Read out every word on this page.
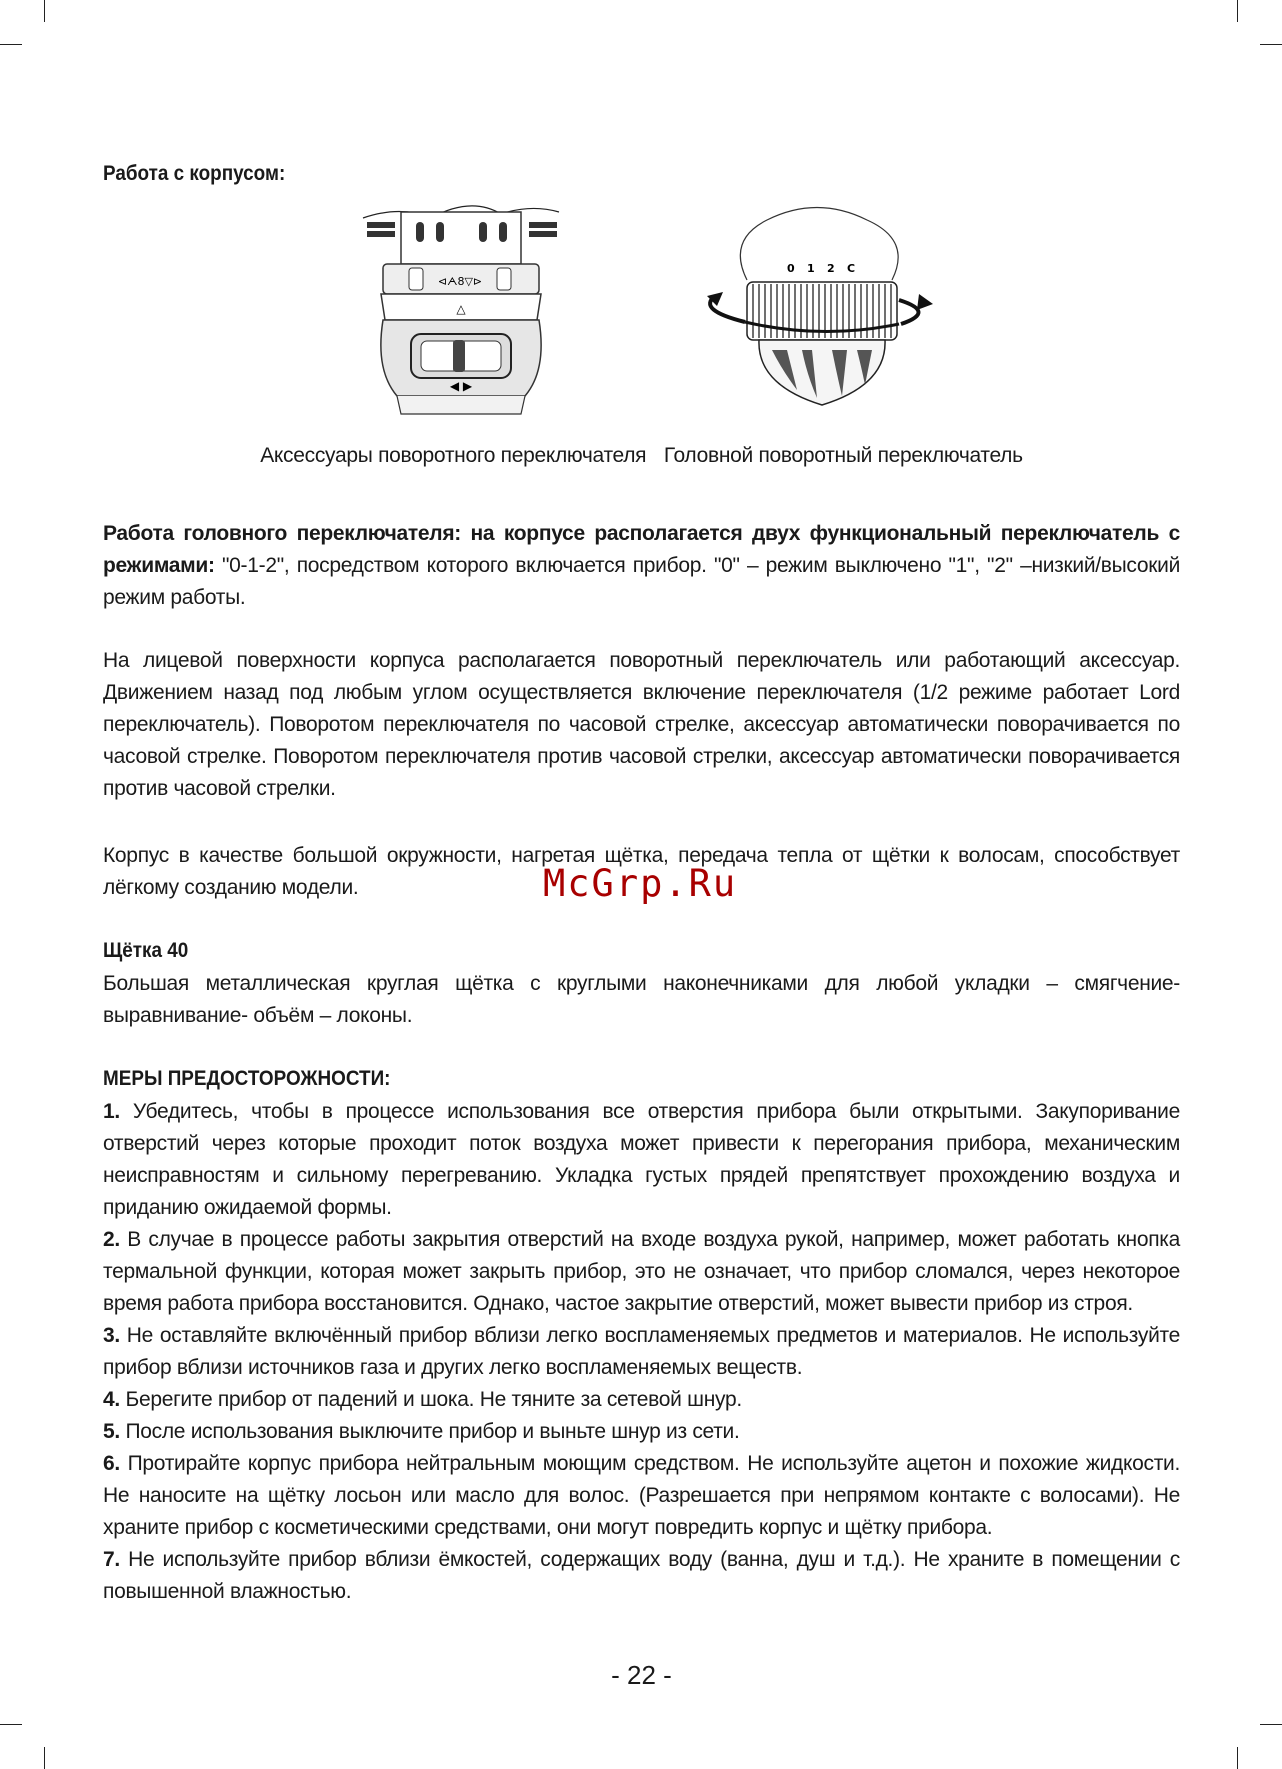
Работа с корпусом:
⊲ᗅ8▽⊳
△
◀ ▶
0 1 2 C
Аксессуары поворотного переключателя Головной поворотный переключатель
Работа головного переключателя: на корпусе располагается двух функциональный переключатель с режимами: "0-1-2", посредством которого включается прибор. "0" – режим выключено "1", "2" –низкий/высокий режим работы.
На лицевой поверхности корпуса располагается поворотный переключатель или работающий аксессуар. Движением назад под любым углом осуществляется включение переключателя (1/2 режиме работает Lord переключатель). Поворотом переключателя по часовой стрелке, аксессуар автоматически поворачивается по часовой стрелке. Поворотом переключателя против часовой стрелки, аксессуар автоматически поворачивается против часовой стрелки.
Корпус в качестве большой окружности, нагретая щётка, передача тепла от щётки к волосам, способствует лёгкому созданию модели.
Щётка 40
Большая металлическая круглая щётка с круглыми наконечниками для любой укладки – смягчение-выравнивание- объём – локоны.
МЕРЫ ПРЕДОСТОРОЖНОСТИ:
1. Убедитесь, чтобы в процессе использования все отверстия прибора были открытыми. Закупоривание отверстий через которые проходит поток воздуха может привести к перегорания прибора, механическим неисправностям и сильному перегреванию. Укладка густых прядей препятствует прохождению воздуха и приданию ожидаемой формы.
2. В случае в процессе работы закрытия отверстий на входе воздуха рукой, например, может работать кнопка термальной функции, которая может закрыть прибор, это не означает, что прибор сломался, через некоторое время работа прибора восстановится. Однако, частое закрытие отверстий, может вывести прибор из строя.
3. Не оставляйте включённый прибор вблизи легко воспламеняемых предметов и материалов. Не используйте прибор вблизи источников газа и других легко воспламеняемых веществ.
4. Берегите прибор от падений и шока. Не тяните за сетевой шнур.
5. После использования выключите прибор и выньте шнур из сети.
6. Протирайте корпус прибора нейтральным моющим средством. Не используйте ацетон и похожие жидкости. Не наносите на щётку лосьон или масло для волос. (Разрешается при непрямом контакте с волосами). Не храните прибор с косметическими средствами, они могут повредить корпус и щётку прибора.
7. Не используйте прибор вблизи ёмкостей, содержащих воду (ванна, душ и т.д.). Не храните в помещении с повышенной влажностью.
- 22 -
McGrp.Ru
